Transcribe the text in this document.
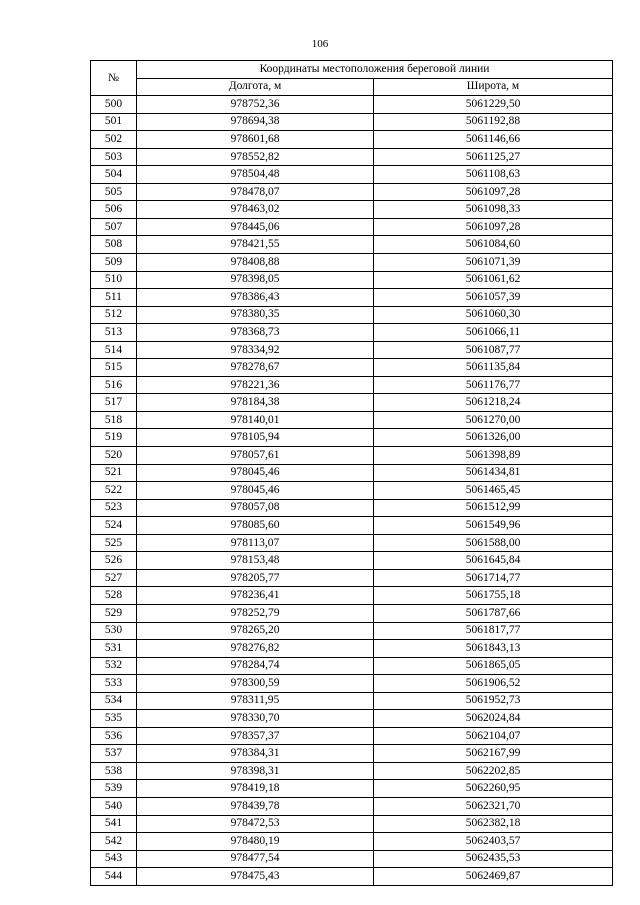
106
№	Координаты местоположения береговой линии	
	Долгота, м	Широта, м
500	978752,36	5061229,50
501	978694,38	5061192,88
502	978601,68	5061146,66
503	978552,82	5061125,27
504	978504,48	5061108,63
505	978478,07	5061097,28
506	978463,02	5061098,33
507	978445,06	5061097,28
508	978421,55	5061084,60
509	978408,88	5061071,39
510	978398,05	5061061,62
511	978386,43	5061057,39
512	978380,35	5061060,30
513	978368,73	5061066,11
514	978334,92	5061087,77
515	978278,67	5061135,84
516	978221,36	5061176,77
517	978184,38	5061218,24
518	978140,01	5061270,00
519	978105,94	5061326,00
520	978057,61	5061398,89
521	978045,46	5061434,81
522	978045,46	5061465,45
523	978057,08	5061512,99
524	978085,60	5061549,96
525	978113,07	5061588,00
526	978153,48	5061645,84
527	978205,77	5061714,77
528	978236,41	5061755,18
529	978252,79	5061787,66
530	978265,20	5061817,77
531	978276,82	5061843,13
532	978284,74	5061865,05
533	978300,59	5061906,52
534	978311,95	5061952,73
535	978330,70	5062024,84
536	978357,37	5062104,07
537	978384,31	5062167,99
538	978398,31	5062202,85
539	978419,18	5062260,95
540	978439,78	5062321,70
541	978472,53	5062382,18
542	978480,19	5062403,57
543	978477,54	5062435,53
544	978475,43	5062469,87
